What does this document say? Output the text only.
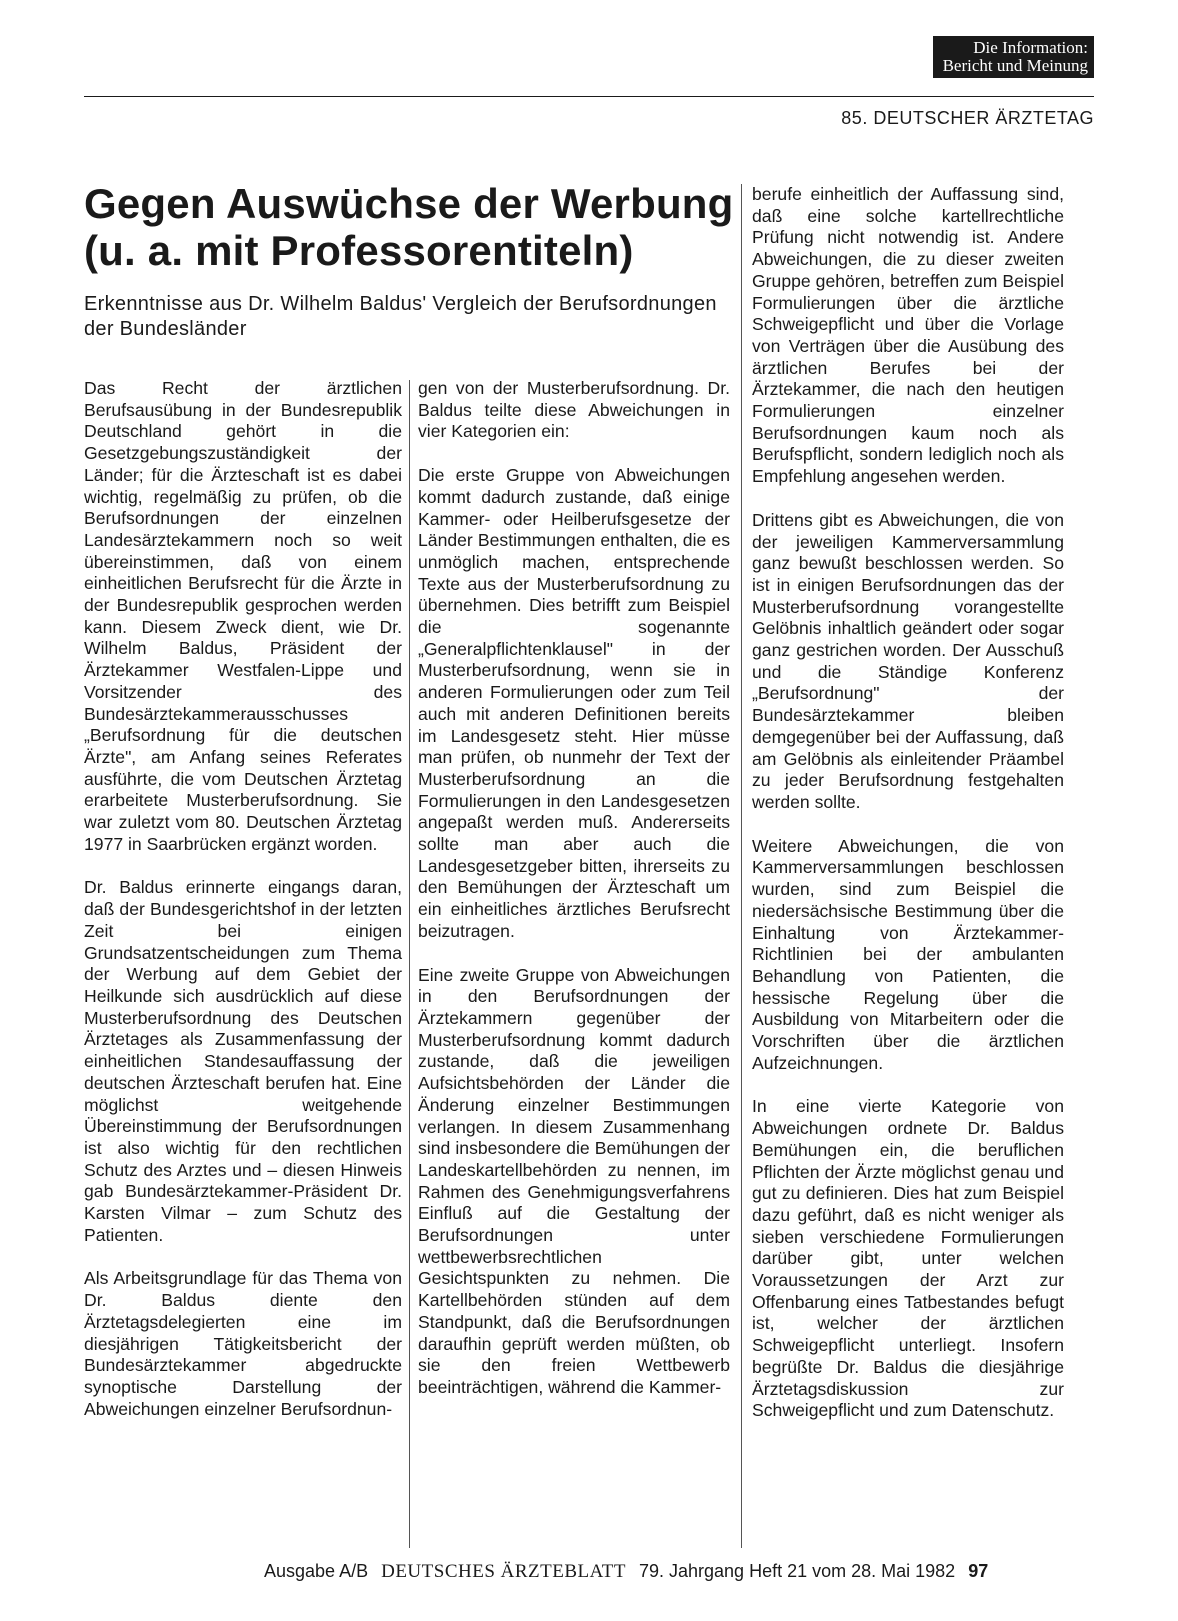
Die Information:
Bericht und Meinung
85. DEUTSCHER ÄRZTETAG
Gegen Auswüchse der Werbung (u. a. mit Professorentiteln)

Erkenntnisse aus Dr. Wilhelm Baldus' Vergleich der Berufsordnungen der Bundesländer

Das Recht der ärztlichen Berufsausübung in der Bundesrepublik Deutschland gehört in die Gesetzgebungszuständigkeit der Länder; für die Ärzteschaft ist es dabei wichtig, regelmäßig zu prüfen, ob die Berufsordnungen der einzelnen Landesärztekammern noch so weit übereinstimmen, daß von einem einheitlichen Berufsrecht für die Ärzte in der Bundesrepublik gesprochen werden kann. Diesem Zweck dient, wie Dr. Wilhelm Baldus, Präsident der Ärztekammer Westfalen-Lippe und Vorsitzender des Bundesärztekammerausschusses „Berufsordnung für die deutschen Ärzte", am Anfang seines Referates ausführte, die vom Deutschen Ärztetag erarbeitete Musterberufsordnung. Sie war zuletzt vom 80. Deutschen Ärztetag 1977 in Saarbrücken ergänzt worden.

Dr. Baldus erinnerte eingangs daran, daß der Bundesgerichtshof in der letzten Zeit bei einigen Grundsatzentscheidungen zum Thema der Werbung auf dem Gebiet der Heilkunde sich ausdrücklich auf diese Musterberufsordnung des Deutschen Ärztetages als Zusammenfassung der einheitlichen Standesauffassung der deutschen Ärzteschaft berufen hat. Eine möglichst weitgehende Übereinstimmung der Berufsordnungen ist also wichtig für den rechtlichen Schutz des Arztes und – diesen Hinweis gab Bundesärztekammer-Präsident Dr. Karsten Vilmar – zum Schutz des Patienten.

Als Arbeitsgrundlage für das Thema von Dr. Baldus diente den Ärztetagsdelegierten eine im diesjährigen Tätigkeitsbericht der Bundesärztekammer abgedruckte synoptische Darstellung der Abweichungen einzelner Berufsordnun-

gen von der Musterberufsordnung. Dr. Baldus teilte diese Abweichungen in vier Kategorien ein:

Die erste Gruppe von Abweichungen kommt dadurch zustande, daß einige Kammer- oder Heilberufsgesetze der Länder Bestimmungen enthalten, die es unmöglich machen, entsprechende Texte aus der Musterberufsordnung zu übernehmen. Dies betrifft zum Beispiel die sogenannte „Generalpflichtenklausel" in der Musterberufsordnung, wenn sie in anderen Formulierungen oder zum Teil auch mit anderen Definitionen bereits im Landesgesetz steht. Hier müsse man prüfen, ob nunmehr der Text der Musterberufsordnung an die Formulierungen in den Landesgesetzen angepaßt werden muß. Andererseits sollte man aber auch die Landesgesetzgeber bitten, ihrerseits zu den Bemühungen der Ärzteschaft um ein einheitliches ärztliches Berufsrecht beizutragen.

Eine zweite Gruppe von Abweichungen in den Berufsordnungen der Ärztekammern gegenüber der Musterberufsordnung kommt dadurch zustande, daß die jeweiligen Aufsichtsbehörden der Länder die Änderung einzelner Bestimmungen verlangen. In diesem Zusammenhang sind insbesondere die Bemühungen der Landeskartellbehörden zu nennen, im Rahmen des Genehmigungsverfahrens Einfluß auf die Gestaltung der Berufsordnungen unter wettbewerbsrechtlichen Gesichtspunkten zu nehmen. Die Kartellbehörden stünden auf dem Standpunkt, daß die Berufsordnungen daraufhin geprüft werden müßten, ob sie den freien Wettbewerb beeinträchtigen, während die Kammer-

berufe einheitlich der Auffassung sind, daß eine solche kartellrechtliche Prüfung nicht notwendig ist. Andere Abweichungen, die zu dieser zweiten Gruppe gehören, betreffen zum Beispiel Formulierungen über die ärztliche Schweigepflicht und über die Vorlage von Verträgen über die Ausübung des ärztlichen Berufes bei der Ärztekammer, die nach den heutigen Formulierungen einzelner Berufsordnungen kaum noch als Berufspflicht, sondern lediglich noch als Empfehlung angesehen werden.

Drittens gibt es Abweichungen, die von der jeweiligen Kammerversammlung ganz bewußt beschlossen werden. So ist in einigen Berufsordnungen das der Musterberufsordnung vorangestellte Gelöbnis inhaltlich geändert oder sogar ganz gestrichen worden. Der Ausschuß und die Ständige Konferenz „Berufsordnung" der Bundesärztekammer bleiben demgegenüber bei der Auffassung, daß am Gelöbnis als einleitender Präambel zu jeder Berufsordnung festgehalten werden sollte.

Weitere Abweichungen, die von Kammerversammlungen beschlossen wurden, sind zum Beispiel die niedersächsische Bestimmung über die Einhaltung von Ärztekammer-Richtlinien bei der ambulanten Behandlung von Patienten, die hessische Regelung über die Ausbildung von Mitarbeitern oder die Vorschriften über die ärztlichen Aufzeichnungen.

In eine vierte Kategorie von Abweichungen ordnete Dr. Baldus Bemühungen ein, die beruflichen Pflichten der Ärzte möglichst genau und gut zu definieren. Dies hat zum Beispiel dazu geführt, daß es nicht weniger als sieben verschiedene Formulierungen darüber gibt, unter welchen Voraussetzungen der Arzt zur Offenbarung eines Tatbestandes befugt ist, welcher der ärztlichen Schweigepflicht unterliegt. Insofern begrüßte Dr. Baldus die diesjährige Ärztetagsdiskussion zur Schweigepflicht und zum Datenschutz.

Ausgabe A/B DEUTSCHES ÄRZTEBLATT 79. Jahrgang Heft 21 vom 28. Mai 1982 97
